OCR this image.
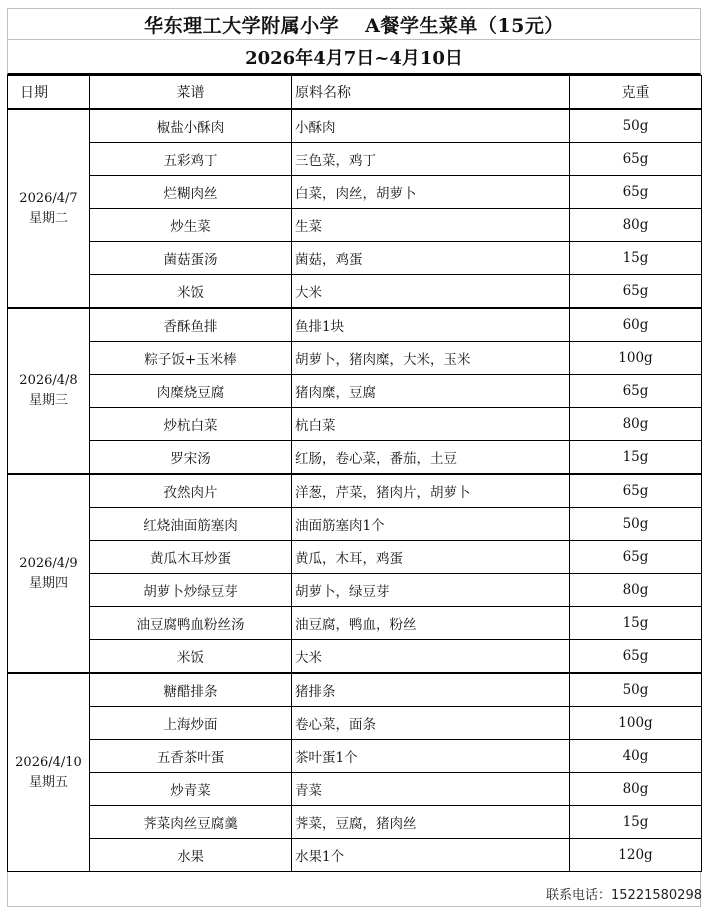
华东理工大学附属小学 A餐学生菜单（15元）
2026年4月7日~4月10日
日期	菜谱	原料名称	克重

2026/4/7
星期二	椒盐小酥肉	小酥肉	50g
	五彩鸡丁	三色菜，鸡丁	65g
	烂糊肉丝	白菜，肉丝，胡萝卜	65g
	炒生菜	生菜	80g
	菌菇蛋汤	菌菇，鸡蛋	15g
	米饭	大米	65g

2026/4/8
星期三	香酥鱼排	鱼排1块	60g
	粽子饭+玉米棒	胡萝卜，猪肉糜，大米，玉米	100g
	肉糜烧豆腐	猪肉糜，豆腐	65g
	炒杭白菜	杭白菜	80g
	罗宋汤	红肠，卷心菜，番茄，土豆	15g

2026/4/9
星期四	孜然肉片	洋葱，芹菜，猪肉片，胡萝卜	65g
	红烧油面筋塞肉	油面筋塞肉1个	50g
	黄瓜木耳炒蛋	黄瓜，木耳，鸡蛋	65g
	胡萝卜炒绿豆芽	胡萝卜，绿豆芽	80g
	油豆腐鸭血粉丝汤	油豆腐，鸭血，粉丝	15g
	米饭	大米	65g

2026/4/10
星期五	糖醋排条	猪排条	50g
	上海炒面	卷心菜，面条	100g
	五香茶叶蛋	茶叶蛋1个	40g
	炒青菜	青菜	80g
	荠菜肉丝豆腐羹	荠菜，豆腐，猪肉丝	15g
	水果	水果1个	120g
联系电话：15221580298
